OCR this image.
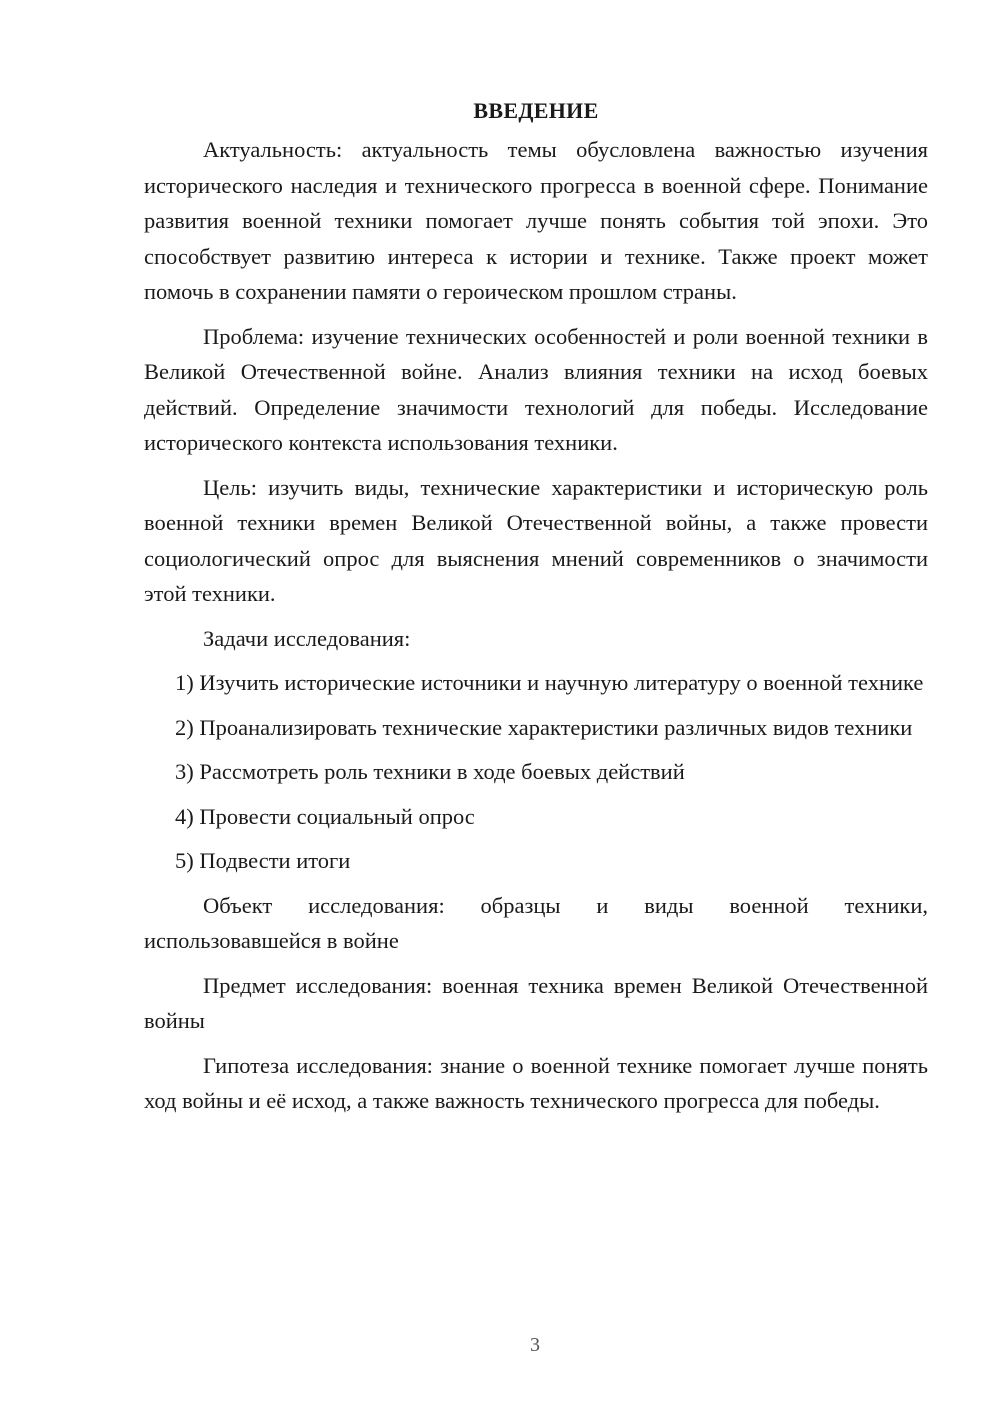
ВВЕДЕНИЕ

Актуальность: актуальность темы обусловлена важностью изучения исторического наследия и технического прогресса в военной сфере. Понимание развития военной техники помогает лучше понять события той эпохи. Это способствует развитию интереса к истории и технике. Также проект может помочь в сохранении памяти о героическом прошлом страны.

Проблема: изучение технических особенностей и роли военной техники в Великой Отечественной войне. Анализ влияния техники на исход боевых действий. Определение значимости технологий для победы. Исследование исторического контекста использования техники.

Цель: изучить виды, технические характеристики и историческую роль военной техники времен Великой Отечественной войны, а также провести социологический опрос для выяснения мнений современников о значимости этой техники.

Задачи исследования:

1) Изучить исторические источники и научную литературу о военной технике

2) Проанализировать технические характеристики различных видов техники

3) Рассмотреть роль техники в ходе боевых действий

4) Провести социальный опрос

5) Подвести итоги

Объект исследования: образцы и виды военной техники, использовавшейся в войне

Предмет исследования: военная техника времен Великой Отечественной войны

Гипотеза исследования: знание о военной технике помогает лучше понять ход войны и её исход, а также важность технического прогресса для победы.

3
